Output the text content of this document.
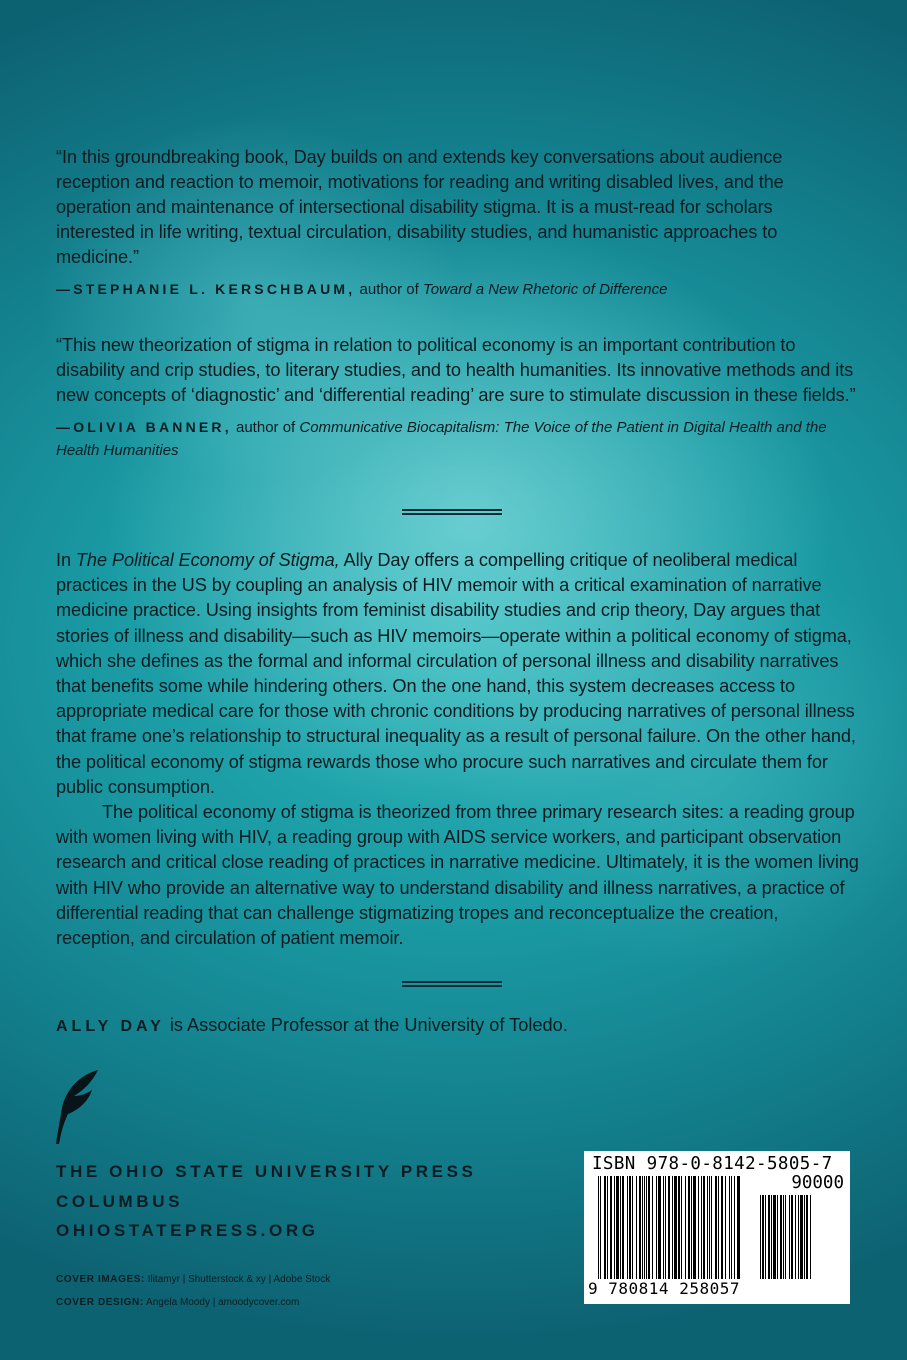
“In this groundbreaking book, Day builds on and extends key conversations about audience reception and reaction to memoir, motivations for reading and writing disabled lives, and the operation and maintenance of intersectional disability stigma. It is a must-read for scholars interested in life writing, textual circulation, disability studies, and humanistic approaches to medicine.”
—STEPHANIE L. KERSCHBAUM, author of Toward a New Rhetoric of Difference
“This new theorization of stigma in relation to political economy is an important contribution to disability and crip studies, to literary studies, and to health humanities. Its innovative methods and its new concepts of ‘diagnostic’ and ‘differential reading’ are sure to stimulate discussion in these fields.”
—OLIVIA BANNER, author of Communicative Biocapitalism: The Voice of the Patient in Digital Health and the Health Humanities

In The Political Economy of Stigma, Ally Day offers a compelling critique of neoliberal medical practices in the US by coupling an analysis of HIV memoir with a critical examination of narrative medicine practice. Using insights from feminist disability studies and crip theory, Day argues that stories of illness and disability—such as HIV memoirs—operate within a political economy of stigma, which she defines as the formal and informal circulation of personal illness and disability narratives that benefits some while hindering others. On the one hand, this system decreases access to appropriate medical care for those with chronic conditions by producing narratives of personal illness that frame one’s relationship to structural inequality as a result of personal failure. On the other hand, the political economy of stigma rewards those who procure such narratives and circulate them for public consumption.

The political economy of stigma is theorized from three primary research sites: a reading group with women living with HIV, a reading group with AIDS service workers, and participant observation research and critical close reading of practices in narrative medicine. Ultimately, it is the women living with HIV who provide an alternative way to understand disability and illness narratives, a practice of differential reading that can challenge stigmatizing tropes and reconceptualize the creation, reception, and circulation of patient memoir.

ALLY DAY is Associate Professor at the University of Toledo.
THE OHIO STATE UNIVERSITY PRESS
COLUMBUS
OHIOSTATEPRESS.ORG
COVER IMAGES: Ilitamyr | Shutterstock & xy | Adobe Stock
COVER DESIGN: Angela Moody | amoodycover.com
ISBN 978-0-8142-5805-7
90000
9 780814 258057
